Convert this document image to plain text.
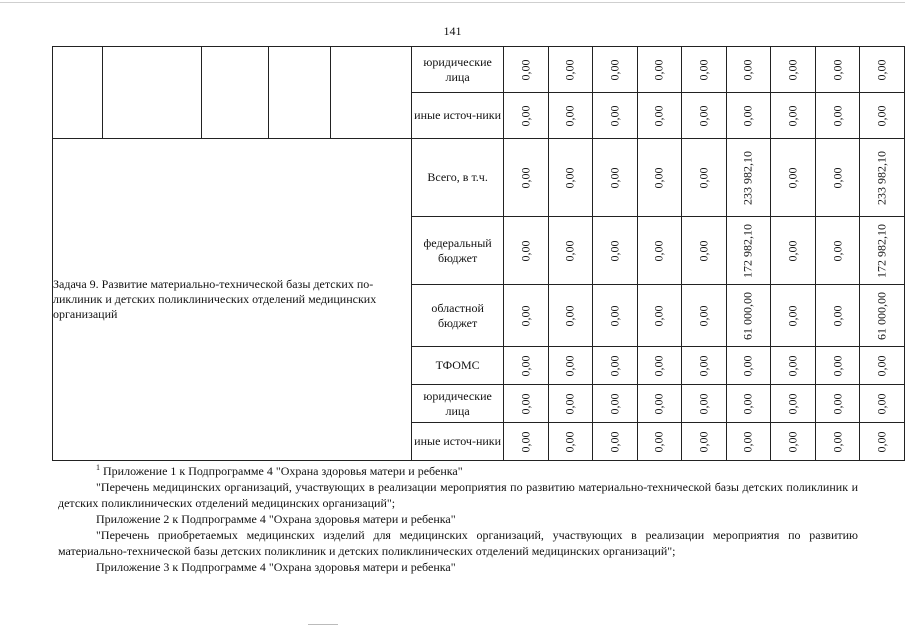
141
					юридические лица	0,00	0,00	0,00	0,00	0,00	0,00	0,00	0,00	0,00

					иные источ-ники	0,00	0,00	0,00	0,00	0,00	0,00	0,00	0,00	0,00

Задача 9. Развитие материально-технической базы детских по-ликлиник и детских поликлинических отделений медицинских организаций					Всего, в т.ч.	0,00	0,00	0,00	0,00	0,00	233 982,10	0,00	0,00	233 982,10

					федеральный бюджет	0,00	0,00	0,00	0,00	0,00	172 982,10	0,00	0,00	172 982,10

					областной бюджет	0,00	0,00	0,00	0,00	0,00	61 000,00	0,00	0,00	61 000,00

					ТФОМС	0,00	0,00	0,00	0,00	0,00	0,00	0,00	0,00	0,00

					юридические лица	0,00	0,00	0,00	0,00	0,00	0,00	0,00	0,00	0,00

					иные источ-ники	0,00	0,00	0,00	0,00	0,00	0,00	0,00	0,00	0,00

$^1$ Приложение 1 к Подпрограмме 4 "Охрана здоровья матери и ребенка"

"Перечень медицинских организаций, участвующих в реализации мероприятия по развитию материально-технической базы детских поликлиник и детских поликлинических отделений медицинских организаций";

Приложение 2 к Подпрограмме 4 "Охрана здоровья матери и ребенка"

"Перечень приобретаемых медицинских изделий для медицинских организаций, участвующих в реализации мероприятия по развитию материально-технической базы детских поликлиник и детских поликлинических отделений медицинских организаций";

Приложение 3 к Подпрограмме 4 "Охрана здоровья матери и ребенка"
